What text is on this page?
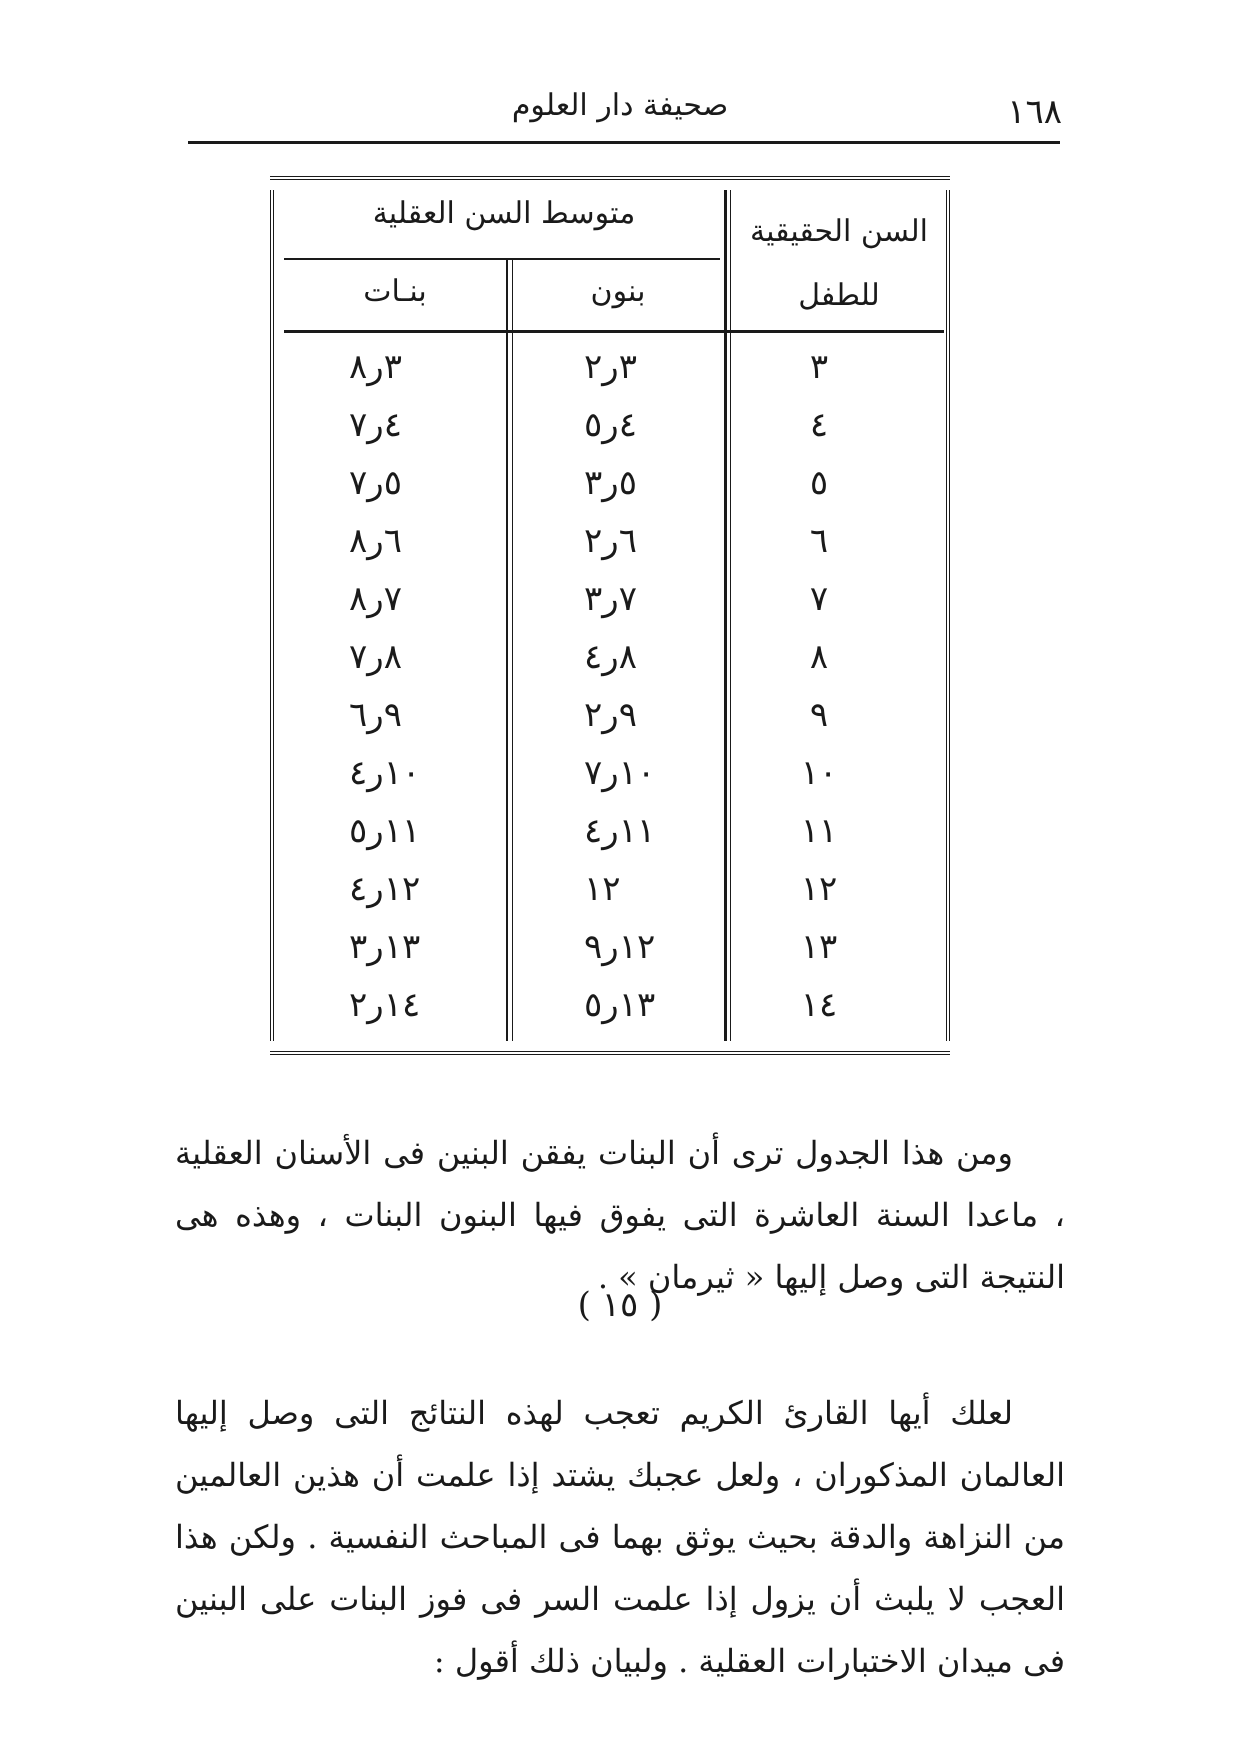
١٦٨
صحيفة دار العلوم
السن الحقيقية للطفل
متوسط السن العقلية
بنون
بنـات
٣
٣ر٢
٣ر٨
٤
٤ر٥
٤ر٧
٥
٥ر٣
٥ر٧
٦
٦ر٢
٦ر٨
٧
٧ر٣
٧ر٨
٨
٨ر٤
٨ر٧
٩
٩ر٢
٩ر٦
١٠
١٠ر٧
١٠ر٤
١١
١١ر٤
١١ر٥
١٢
١٢
١٢ر٤
١٣
١٢ر٩
١٣ر٣
١٤
١٣ر٥
١٤ر٢

ومن هذا الجدول ترى أن البنات يفقن البنين فى الأسنان العقلية ، ماعدا السنة العاشرة التى يفوق فيها البنون البنات ، وهذه هى النتيجة التى وصل إليها « ثيرمان » .

( ١٥ )

لعلك أيها القارئ الكريم تعجب لهذه النتائج التى وصل إليها العالمان المذكوران ، ولعل عجبك يشتد إذا علمت أن هذين العالمين من النزاهة والدقة بحيث يوثق بهما فى المباحث النفسية . ولكن هذا العجب لا يلبث أن يزول إذا علمت السر فى فوز البنات على البنين فى ميدان الاختبارات العقلية . ولبيان ذلك أقول :
